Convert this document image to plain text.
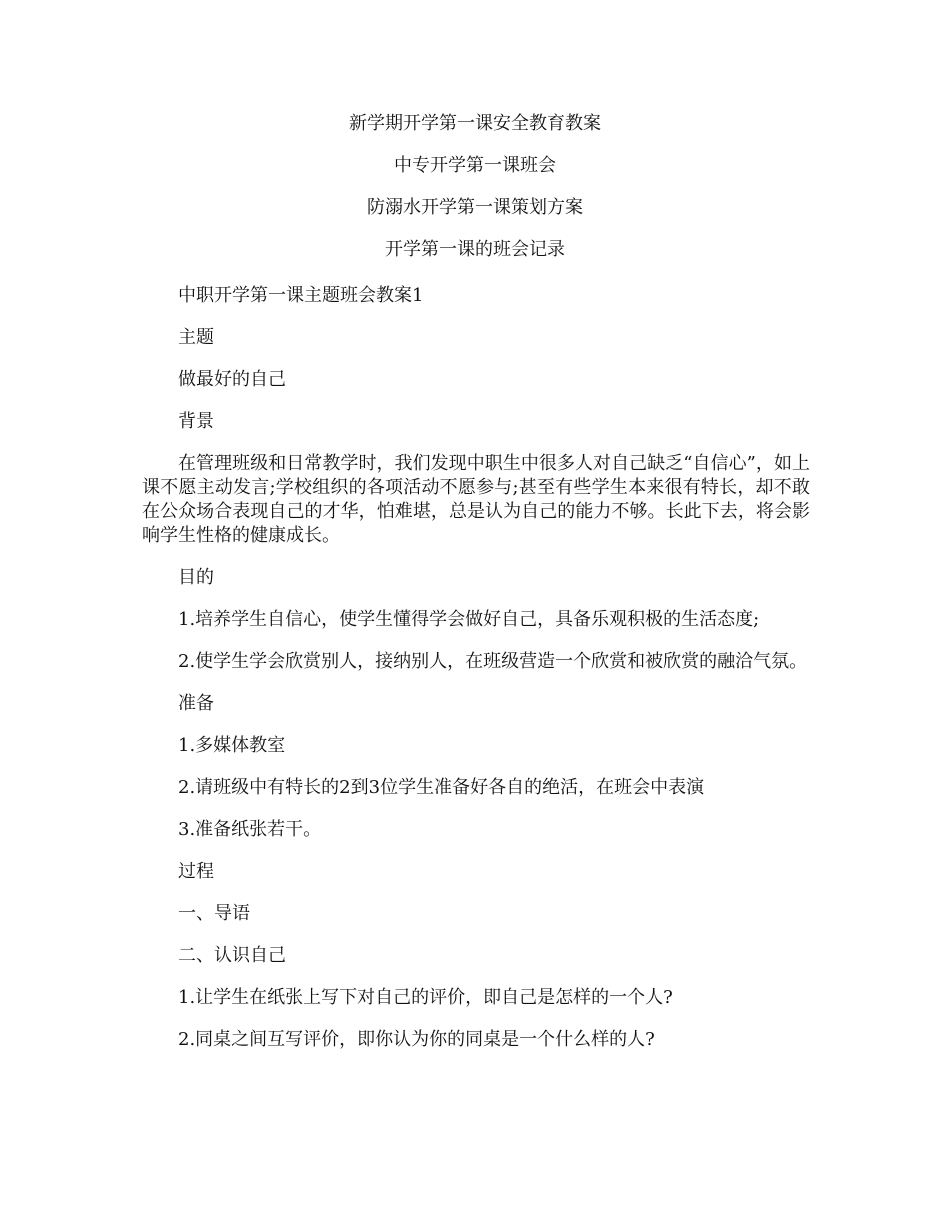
新学期开学第一课安全教育教案
中专开学第一课班会
防溺水开学第一课策划方案
开学第一课的班会记录

中职开学第一课主题班会教案1

主题

做最好的自己

背景

在管理班级和日常教学时，我们发现中职生中很多人对自己缺乏“自信心”，如上课不愿主动发言;学校组织的各项活动不愿参与;甚至有些学生本来很有特长，却不敢在公众场合表现自己的才华，怕难堪，总是认为自己的能力不够。长此下去，将会影响学生性格的健康成长。

目的

1.培养学生自信心，使学生懂得学会做好自己，具备乐观积极的生活态度;

2.使学生学会欣赏别人，接纳别人，在班级营造一个欣赏和被欣赏的融洽气氛。

准备

1.多媒体教室

2.请班级中有特长的2到3位学生准备好各自的绝活，在班会中表演

3.准备纸张若干。

过程

一、导语

二、认识自己

1.让学生在纸张上写下对自己的评价，即自己是怎样的一个人?

2.同桌之间互写评价，即你认为你的同桌是一个什么样的人?
